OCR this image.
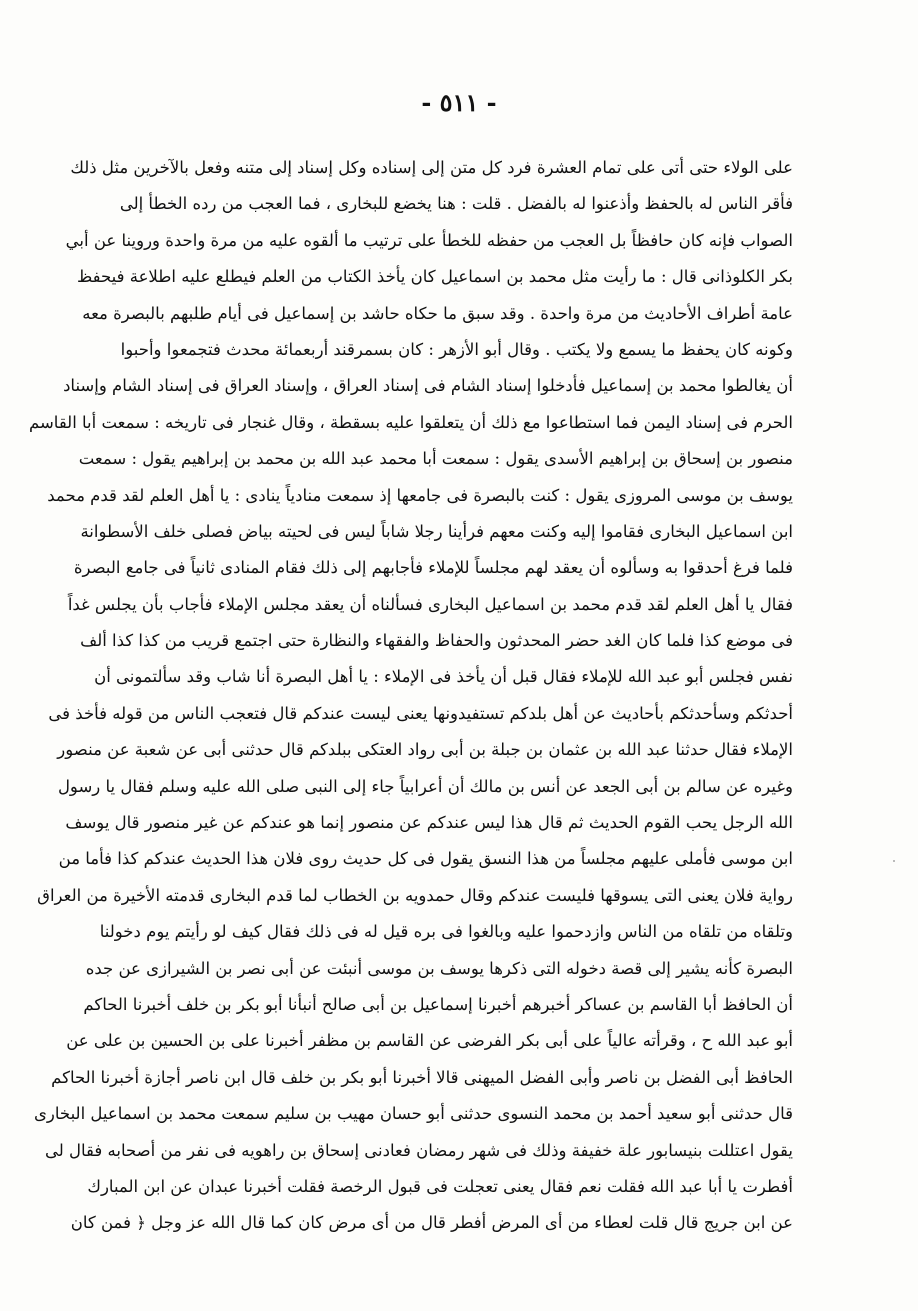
- ٥١١ -
على الولاء حتى أتى على تمام العشرة فرد كل متن إلى إسناده وكل إسناد إلى متنه وفعل بالآخرين مثل ذلك
فأقر الناس له بالحفظ وأذعنوا له بالفضل . قلت : هنا يخضع للبخارى ، فما العجب من رده الخطأ إلى
الصواب فإنه كان حافظاً بل العجب من حفظه للخطأ على ترتيب ما ألقوه عليه من مرة واحدة وروينا عن أبي
بكر الكلوذانى قال : ما رأيت مثل محمد بن اسماعيل كان يأخذ الكتاب من العلم فيطلع عليه اطلاعة فيحفظ
عامة أطراف الأحاديث من مرة واحدة . وقد سبق ما حكاه حاشد بن إسماعيل فى أيام طلبهم بالبصرة معه
وكونه كان يحفظ ما يسمع ولا يكتب . وقال أبو الأزهر : كان بسمرقند أربعمائة محدث فتجمعوا وأحبوا
أن يغالطوا محمد بن إسماعيل فأدخلوا إسناد الشام فى إسناد العراق ، وإسناد العراق فى إسناد الشام وإسناد
الحرم فى إسناد اليمن فما استطاعوا مع ذلك أن يتعلقوا عليه بسقطة ، وقال غنجار فى تاريخه : سمعت أبا القاسم
منصور بن إسحاق بن إبراهيم الأسدى يقول : سمعت أبا محمد عبد الله بن محمد بن إبراهيم يقول : سمعت
يوسف بن موسى المروزى يقول : كنت بالبصرة فى جامعها إذ سمعت منادياً ينادى : يا أهل العلم لقد قدم محمد
ابن اسماعيل البخارى فقاموا إليه وكنت معهم فرأينا رجلا شاباً ليس فى لحيته بياض فصلى خلف الأسطوانة
فلما فرغ أحدقوا به وسألوه أن يعقد لهم مجلساً للإملاء فأجابهم إلى ذلك فقام المنادى ثانياً فى جامع البصرة
فقال يا أهل العلم لقد قدم محمد بن اسماعيل البخارى فسألناه أن يعقد مجلس الإملاء فأجاب بأن يجلس غداً
فى موضع كذا فلما كان الغد حضر المحدثون والحفاظ والفقهاء والنظارة حتى اجتمع قريب من كذا كذا ألف
نفس فجلس أبو عبد الله للإملاء فقال قبل أن يأخذ فى الإملاء : يا أهل البصرة أنا شاب وقد سألتمونى أن
أحدثكم وسأحدثكم بأحاديث عن أهل بلدكم تستفيدونها يعنى ليست عندكم قال فتعجب الناس من قوله فأخذ فى
الإملاء فقال حدثنا عبد الله بن عثمان بن جبلة بن أبى رواد العتكى ببلدكم قال حدثنى أبى عن شعبة عن منصور
وغيره عن سالم بن أبى الجعد عن أنس بن مالك أن أعرابياً جاء إلى النبى صلى الله عليه وسلم فقال يا رسول
الله الرجل يحب القوم الحديث ثم قال هذا ليس عندكم عن منصور إنما هو عندكم عن غير منصور قال يوسف
ابن موسى فأملى عليهم مجلساً من هذا النسق يقول فى كل حديث روى فلان هذا الحديث عندكم كذا فأما من
رواية فلان يعنى التى يسوقها فليست عندكم وقال حمدويه بن الخطاب لما قدم البخارى قدمته الأخيرة من العراق
وتلقاه من تلقاه من الناس وازدحموا عليه وبالغوا فى بره قيل له فى ذلك فقال كيف لو رأيتم يوم دخولنا
البصرة كأنه يشير إلى قصة دخوله التى ذكرها يوسف بن موسى أنبئت عن أبى نصر بن الشيرازى عن جده
أن الحافظ أبا القاسم بن عساكر أخبرهم أخبرنا إسماعيل بن أبى صالح أنبأنا أبو بكر بن خلف أخبرنا الحاكم
أبو عبد الله ح ، وقرأته عالياً على أبى بكر الفرضى عن القاسم بن مظفر أخبرنا على بن الحسين بن على عن
الحافظ أبى الفضل بن ناصر وأبى الفضل الميهنى قالا أخبرنا أبو بكر بن خلف قال ابن ناصر أجازة أخبرنا الحاكم
قال حدثنى أبو سعيد أحمد بن محمد النسوى حدثنى أبو حسان مهيب بن سليم سمعت محمد بن اسماعيل البخارى
يقول اعتللت بنيسابور علة خفيفة وذلك فى شهر رمضان فعادنى إسحاق بن راهويه فى نفر من أصحابه فقال لى
أفطرت يا أبا عبد الله فقلت نعم فقال يعنى تعجلت فى قبول الرخصة فقلت أخبرنا عبدان عن ابن المبارك
عن ابن جريج قال قلت لعطاء من أى المرض أفطر قال من أى مرض كان كما قال الله عز وجل ﴿ فمن كان
